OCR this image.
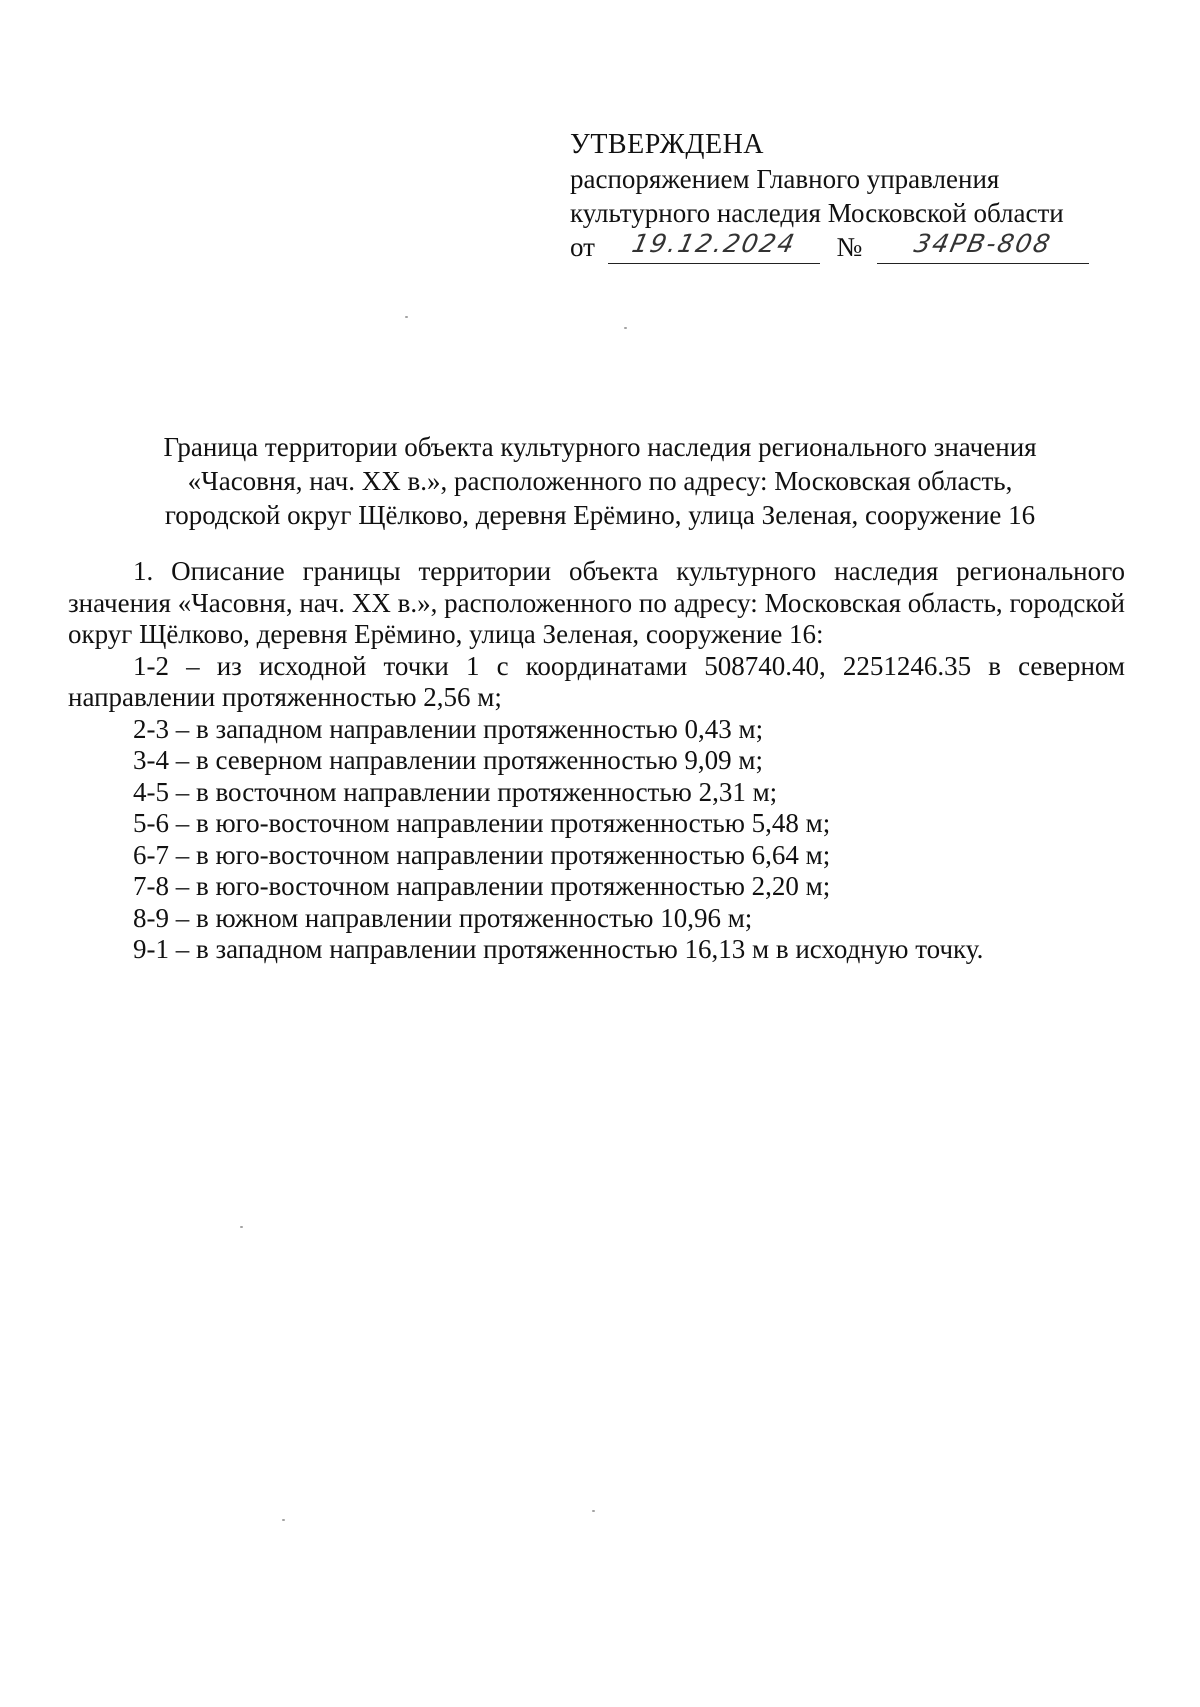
УТВЕРЖДЕНА
распоряжением Главного управления
культурного наследия Московской области
от	19.12.2024	№	34РВ-808
Граница территории объекта культурного наследия регионального значения
«Часовня, нач. XX в.», расположенного по адресу: Московская область,
городской округ Щёлково, деревня Ерёмино, улица Зеленая, сооружение 16

1. Описание границы территории объекта культурного наследия регионального значения «Часовня, нач. XX в.», расположенного по адресу: Московская область, городской округ Щёлково, деревня Ерёмино, улица Зеленая, сооружение 16:

1-2 – из исходной точки 1 с координатами 508740.40, 2251246.35 в северном направлении протяженностью 2,56 м;

2-3 – в западном направлении протяженностью 0,43 м;

3-4 – в северном направлении протяженностью 9,09 м;

4-5 – в восточном направлении протяженностью 2,31 м;

5-6 – в юго-восточном направлении протяженностью 5,48 м;

6-7 – в юго-восточном направлении протяженностью 6,64 м;

7-8 – в юго-восточном направлении протяженностью 2,20 м;

8-9 – в южном направлении протяженностью 10,96 м;

9-1 – в западном направлении протяженностью 16,13 м в исходную точку.
